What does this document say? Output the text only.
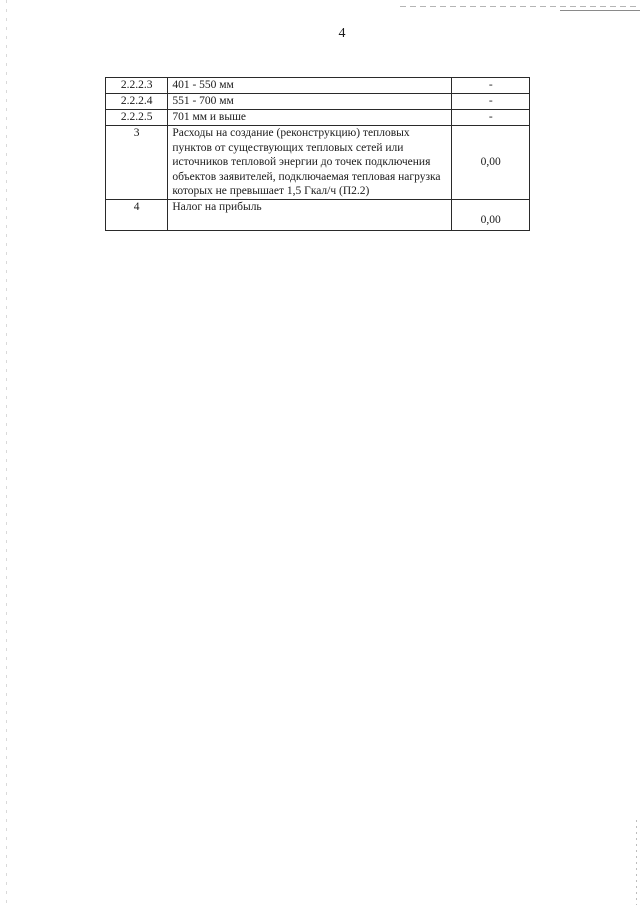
4
2.2.2.3	401 - 550 мм	-
2.2.2.4	551 - 700 мм	-
2.2.2.5	701 мм и выше	-
3	Расходы на создание (реконструкцию) тепловых пунктов от существующих тепловых сетей или источников тепловой энергии до точек подключения объектов заявителей, подключаемая тепловая нагрузка которых не превышает 1,5 Гкал/ч (П2.2)	0,00
4	Налог на прибыль	0,00
